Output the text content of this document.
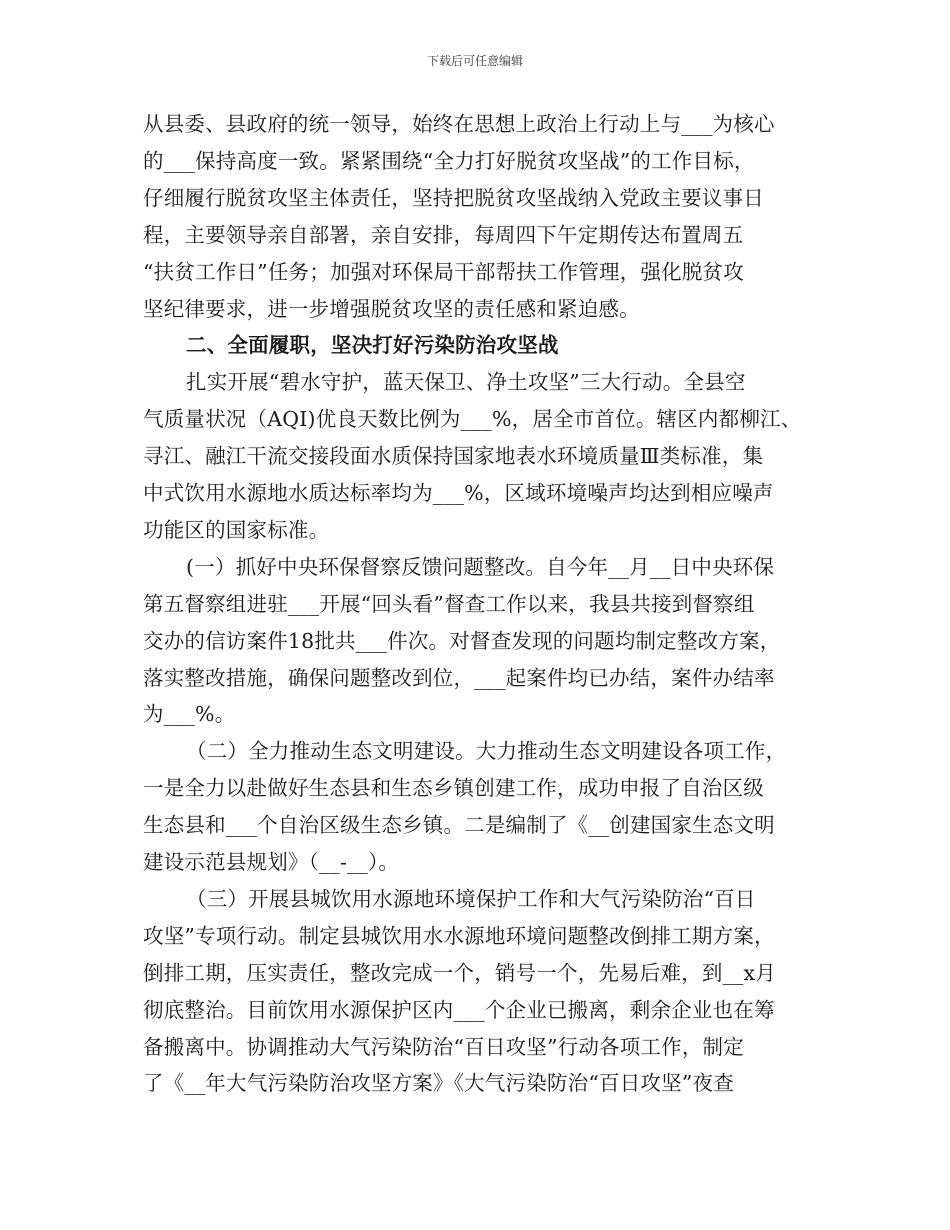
下载后可任意编辑
从县委、县政府的统一领导，始终在思想上政治上行动上与___为核心
的___保持高度一致。紧紧围绕“全力打好脱贫攻坚战”的工作目标，
仔细履行脱贫攻坚主体责任，坚持把脱贫攻坚战纳入党政主要议事日
程，主要领导亲自部署，亲自安排，每周四下午定期传达布置周五
“扶贫工作日”任务；加强对环保局干部帮扶工作管理，强化脱贫攻
坚纪律要求，进一步增强脱贫攻坚的责任感和紧迫感。
二、全面履职，坚决打好污染防治攻坚战
扎实开展“碧水守护，蓝天保卫、净土攻坚”三大行动。全县空
气质量状况（AQI)优良天数比例为___%，居全市首位。辖区内都柳江、
寻江、融江干流交接段面水质保持国家地表水环境质量Ⅲ类标准，集
中式饮用水源地水质达标率均为___%，区域环境噪声均达到相应噪声
功能区的国家标准。
(一）抓好中央环保督察反馈问题整改。自今年__月__日中央环保
第五督察组进驻___开展“回头看”督查工作以来，我县共接到督察组
交办的信访案件18批共___件次。对督查发现的问题均制定整改方案，
落实整改措施，确保问题整改到位，___起案件均已办结，案件办结率
为___%。
（二）全力推动生态文明建设。大力推动生态文明建设各项工作，
一是全力以赴做好生态县和生态乡镇创建工作，成功申报了自治区级
生态县和___个自治区级生态乡镇。二是编制了《__创建国家生态文明
建设示范县规划》（__-__）。
（三）开展县城饮用水源地环境保护工作和大气污染防治“百日
攻坚”专项行动。制定县城饮用水水源地环境问题整改倒排工期方案，
倒排工期，压实责任，整改完成一个，销号一个，先易后难，到__x月
彻底整治。目前饮用水源保护区内___个企业已搬离，剩余企业也在筹
备搬离中。协调推动大气污染防治“百日攻坚”行动各项工作，制定
了《__年大气污染防治攻坚方案》《大气污染防治“百日攻坚”夜查
